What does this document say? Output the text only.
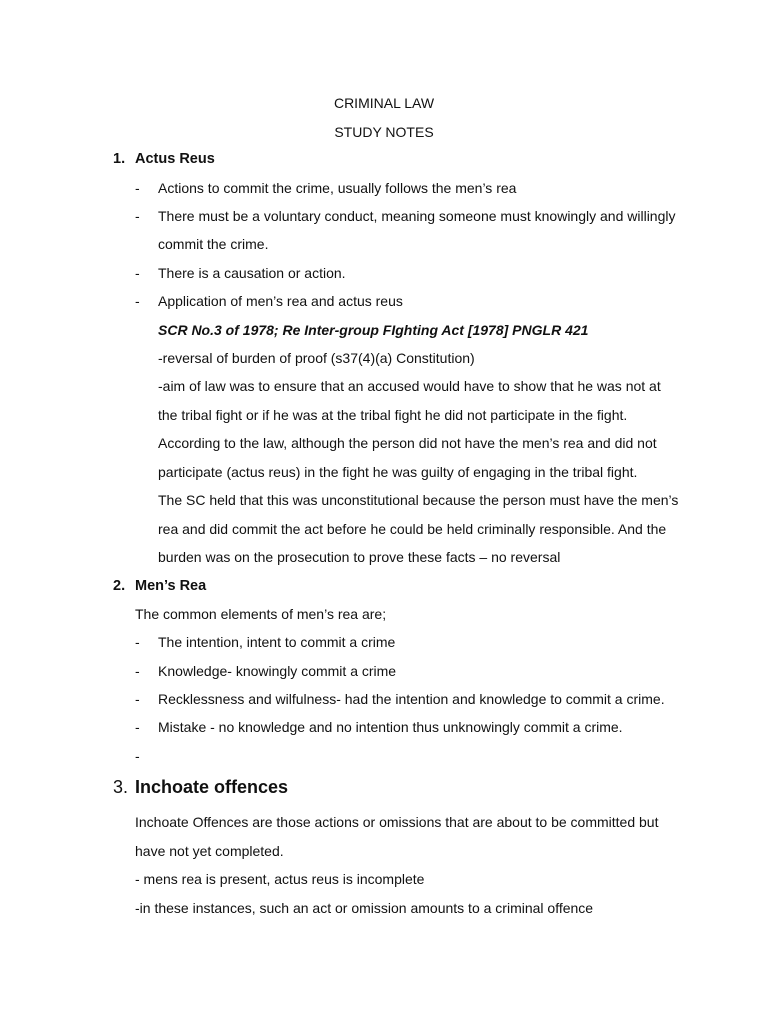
CRIMINAL LAW
STUDY NOTES
1. Actus Reus
- Actions to commit the crime, usually follows the men’s rea
- There must be a voluntary conduct, meaning someone must knowingly and willingly
commit the crime.
- There is a causation or action.
- Application of men’s rea and actus reus
SCR No.3 of 1978; Re Inter-group FIghting Act [1978] PNGLR 421
-reversal of burden of proof (s37(4)(a) Constitution)
-aim of law was to ensure that an accused would have to show that he was not at
the tribal fight or if he was at the tribal fight he did not participate in the fight.
According to the law, although the person did not have the men’s rea and did not
participate (actus reus) in the fight he was guilty of engaging in the tribal fight.
The SC held that this was unconstitutional because the person must have the men’s
rea and did commit the act before he could be held criminally responsible. And the
burden was on the prosecution to prove these facts – no reversal
2. Men’s Rea
The common elements of men’s rea are;
- The intention, intent to commit a crime
- Knowledge- knowingly commit a crime
- Recklessness and wilfulness- had the intention and knowledge to commit a crime.
- Mistake - no knowledge and no intention thus unknowingly commit a crime.
-
3. Inchoate offences
Inchoate Offences are those actions or omissions that are about to be committed but
have not yet completed.
- mens rea is present, actus reus is incomplete
-in these instances, such an act or omission amounts to a criminal offence
